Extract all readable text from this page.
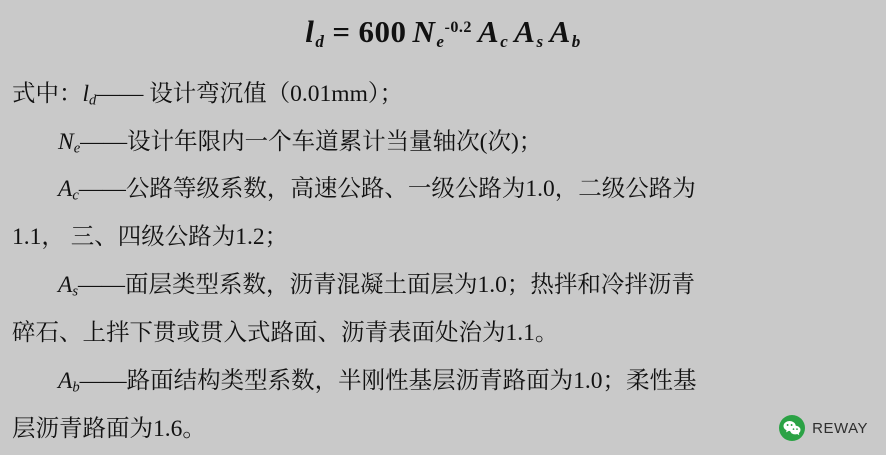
$l_d = 600$ $N_e^{-0.2}$ $A_c$ $A_s$ $A_b$

式中：$l_d——$ 设计弯沉值（0.01mm）；

$N_e——$设计年限内一个车道累计当量轴次(次)；

$A_c——$公路等级系数，高速公路、一级公路为1.0，二级公路为

1.1， 三、四级公路为1.2；

$A_s——$面层类型系数，沥青混凝土面层为1.0；热拌和冷拌沥青

碎石、上拌下贯或贯入式路面、沥青表面处治为1.1。

$A_b——$路面结构类型系数，半刚性基层沥青路面为1.0；柔性基

层沥青路面为1.6。	REWAY
